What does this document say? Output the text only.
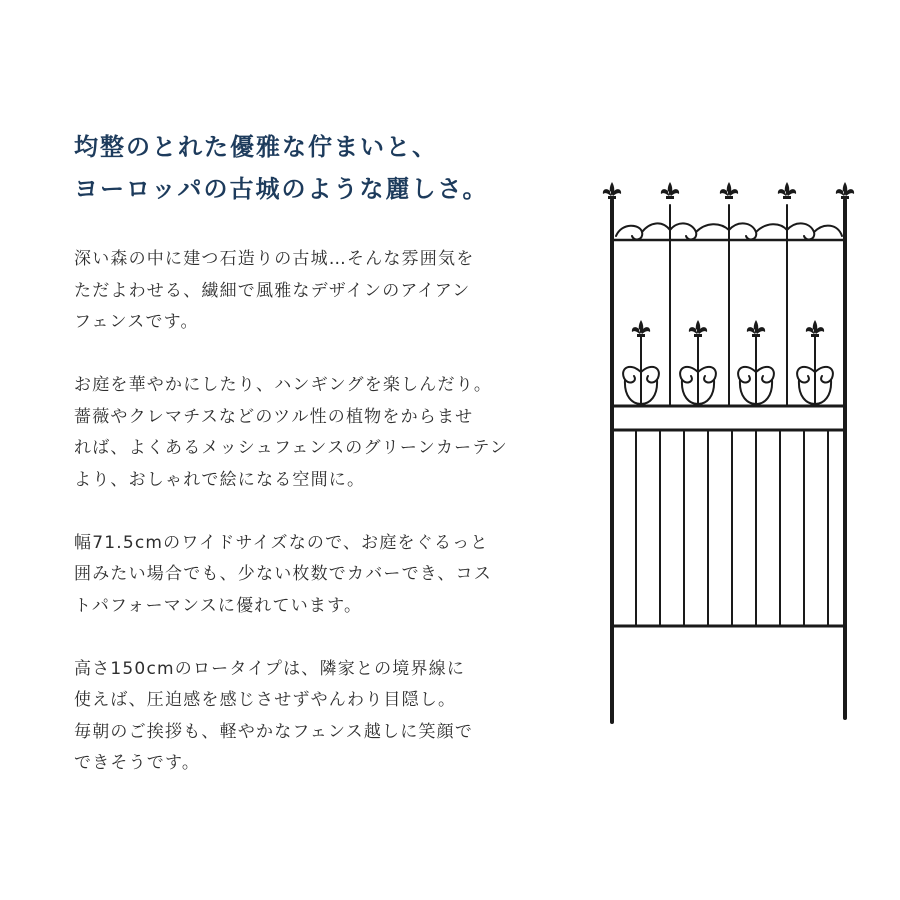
均整のとれた優雅な佇まいと、
ヨーロッパの古城のような麗しさ。
深い森の中に建つ石造りの古城…そんな雰囲気を
ただよわせる、繊細で風雅なデザインのアイアン
フェンスです。
お庭を華やかにしたり、ハンギングを楽しんだり。
薔薇やクレマチスなどのツル性の植物をからませ
れば、よくあるメッシュフェンスのグリーンカーテン
より、おしゃれで絵になる空間に。
幅71.5cmのワイドサイズなので、お庭をぐるっと
囲みたい場合でも、少ない枚数でカバーでき、コス
トパフォーマンスに優れています。
高さ150cmのロータイプは、隣家との境界線に
使えば、圧迫感を感じさせずやんわり目隠し。
毎朝のご挨拶も、軽やかなフェンス越しに笑顔で
できそうです。
